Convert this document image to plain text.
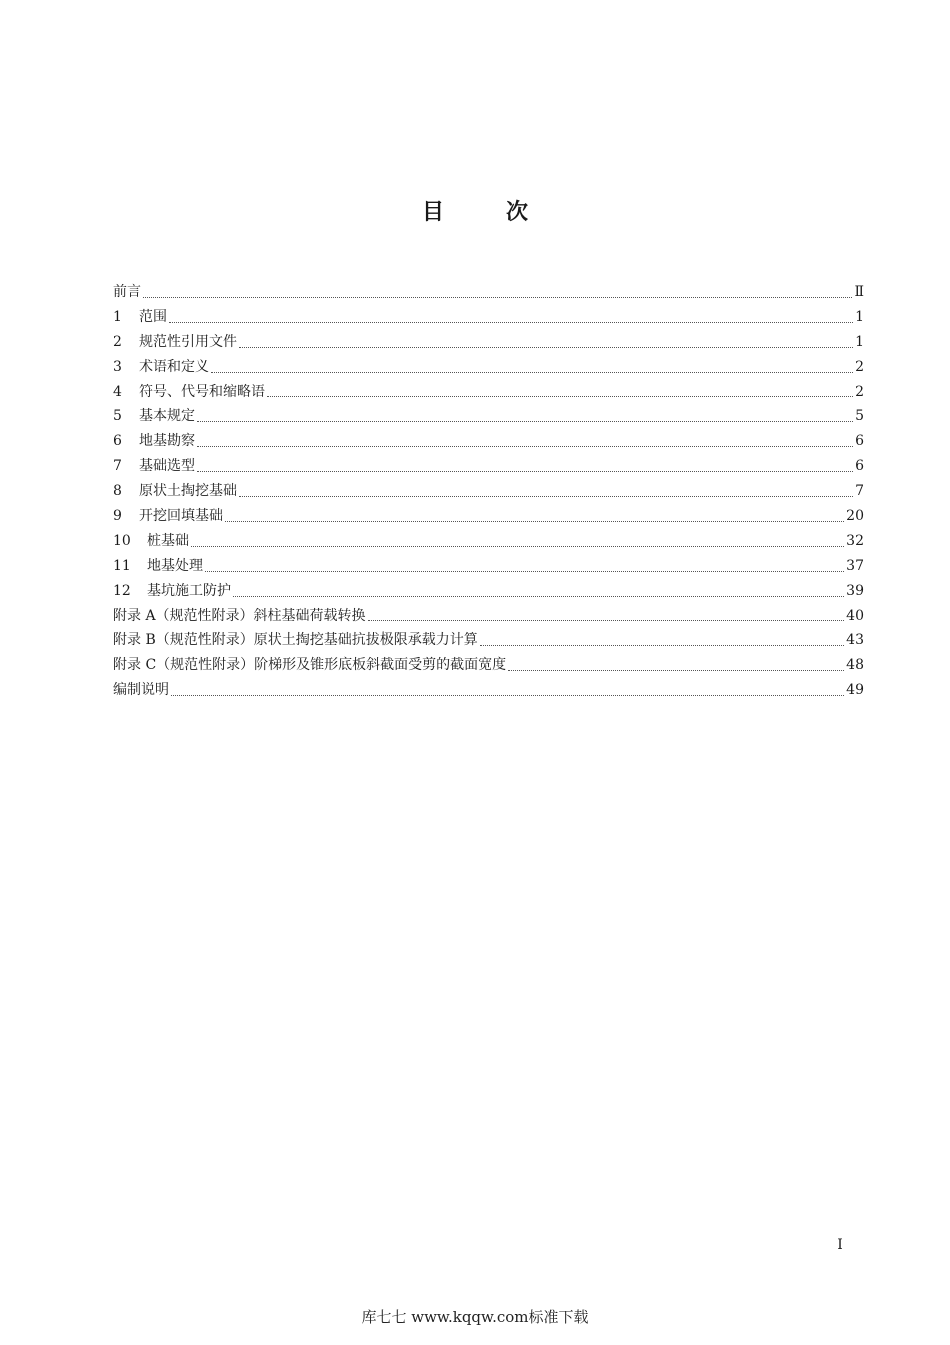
目	次
前言	Ⅱ
1	范围	1
2	规范性引用文件	1
3	术语和定义	2
4	符号、代号和缩略语	2
5	基本规定	5
6	地基勘察	6
7	基础选型	6
8	原状土掏挖基础	7
9	开挖回填基础	20
10	桩基础	32
11	地基处理	37
12	基坑施工防护	39
附录 A（规范性附录）斜柱基础荷载转换	40
附录 B（规范性附录）原状土掏挖基础抗拔极限承载力计算	43
附录 C（规范性附录）阶梯形及锥形底板斜截面受剪的截面宽度	48
编制说明	49
I
库七七 www.kqqw.com标准下载
